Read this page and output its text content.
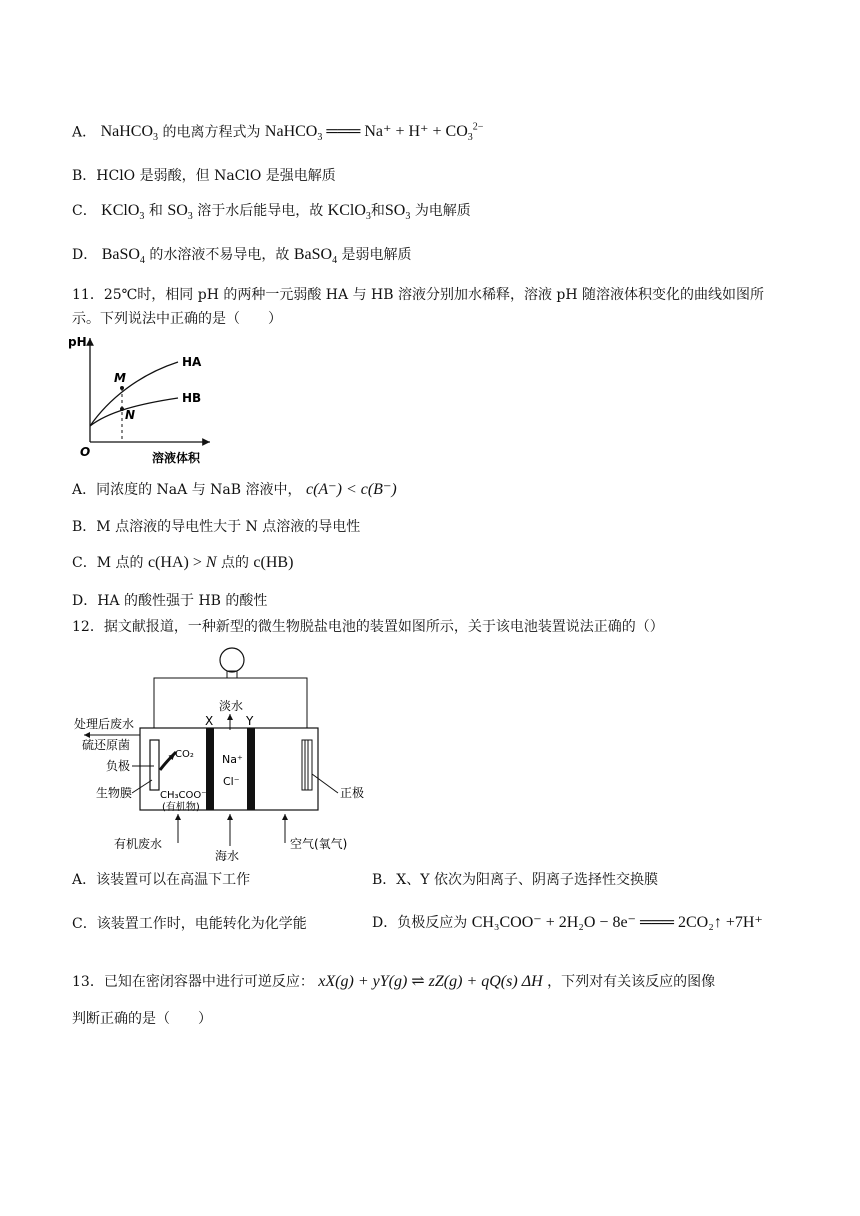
A． NaHCO$_3$ 的电离方程式为 NaHCO$_3$ ═══ $Na^+ + H^+ + CO_3^{2-}$
B．HClO 是弱酸，但 NaClO 是强电解质
C． KClO$_3$ 和 $SO_3$ 溶于水后能导电，故 KClO$_3$和$SO_3$ 为电解质
D． BaSO$_4$ 的水溶液不易导电，故 BaSO$_4$ 是弱电解质
11．25℃时，相同 pH 的两种一元弱酸 HA 与 HB 溶液分别加水稀释，溶液 pH 随溶液体积变化的曲线如图所
示。下列说法中正确的是（　　）
pH
溶液体积
O
HA
HB
M
N
A．同浓度的 NaA 与 NaB 溶液中， c(A⁻) < c(B⁻)
B．M 点溶液的导电性大于 N 点溶液的导电性
C．M 点的 c(HA) > N 点的 c(HB)
D．HA 的酸性强于 HB 的酸性
12．据文献报道，一种新型的微生物脱盐电池的装置如图所示，关于该电池装置说法正确的（）
淡水
X	Y
处理后废水
硫还原菌
负极
生物膜
CO₂	Na⁺
Cl⁻
CH₃COO⁻
(有机物)
正极
有机废水
海水
空气(氧气)
A．该装置可以在高温下工作	B．X、Y 依次为阳离子、阴离子选择性交换膜
C．该装置工作时，电能转化为化学能	D．负极反应为 CH₃COO⁻ + 2H₂O − 8e⁻ ═══ 2CO₂↑ +7H⁺
13．已知在密闭容器中进行可逆反应： xX(g) + yY(g) ⇌ zZ(g) + qQ(s) ΔH ，下列对有关该反应的图像
判断正确的是（　　）
